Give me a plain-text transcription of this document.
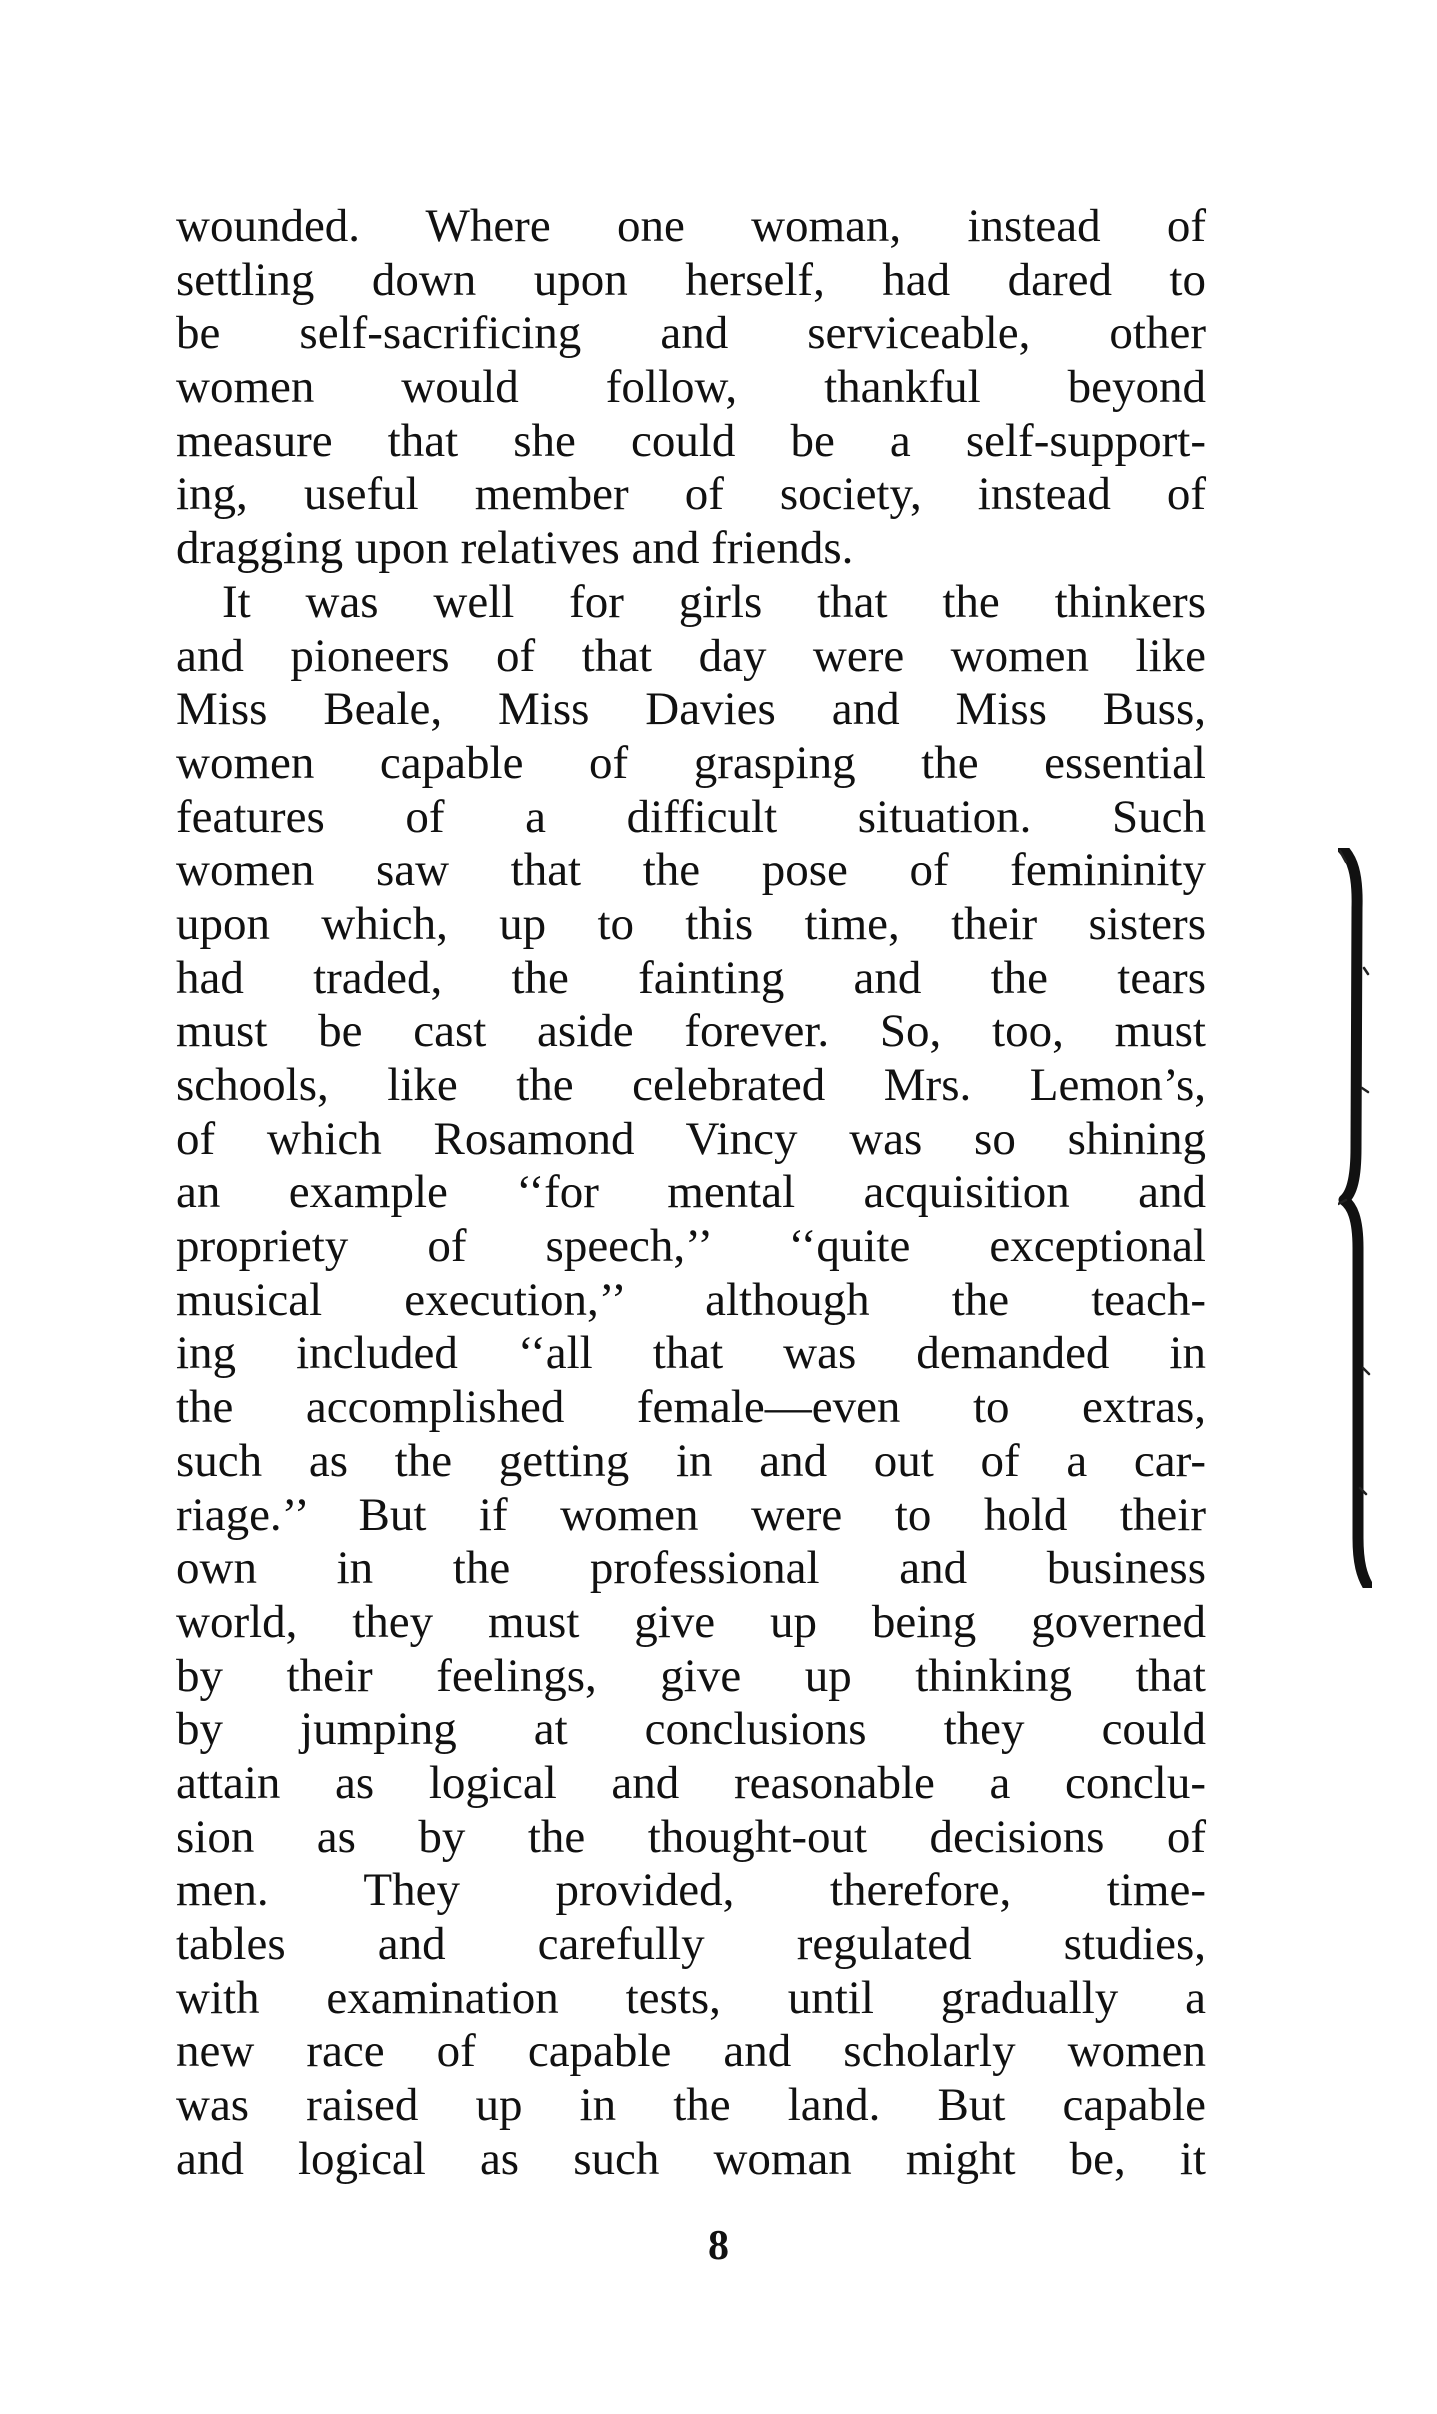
wounded. Where one woman, instead of
settling down upon herself, had dared to
be self-sacrificing and serviceable, other
women would follow, thankful beyond
measure that she could be a self-support-
ing, useful member of society, instead of
dragging upon relatives and friends.
It was well for girls that the thinkers
and pioneers of that day were women like
Miss Beale, Miss Davies and Miss Buss,
women capable of grasping the essential
features of a difficult situation. Such
women saw that the pose of femininity
upon which, up to this time, their sisters
had traded, the fainting and the tears
must be cast aside forever. So, too, must
schools, like the celebrated Mrs. Lemon’s,
of which Rosamond Vincy was so shining
an example ‘‘for mental acquisition and
propriety of speech,’’ ‘‘quite exceptional
musical execution,’’ although the teach-
ing included ‘‘all that was demanded in
the accomplished female—even to extras,
such as the getting in and out of a car-
riage.’’ But if women were to hold their
own in the professional and business
world, they must give up being governed
by their feelings, give up thinking that
by jumping at conclusions they could
attain as logical and reasonable a conclu-
sion as by the thought-out decisions of
men. They provided, therefore, time-
tables and carefully regulated studies,
with examination tests, until gradually a
new race of capable and scholarly women
was raised up in the land. But capable
and logical as such woman might be, it
8
